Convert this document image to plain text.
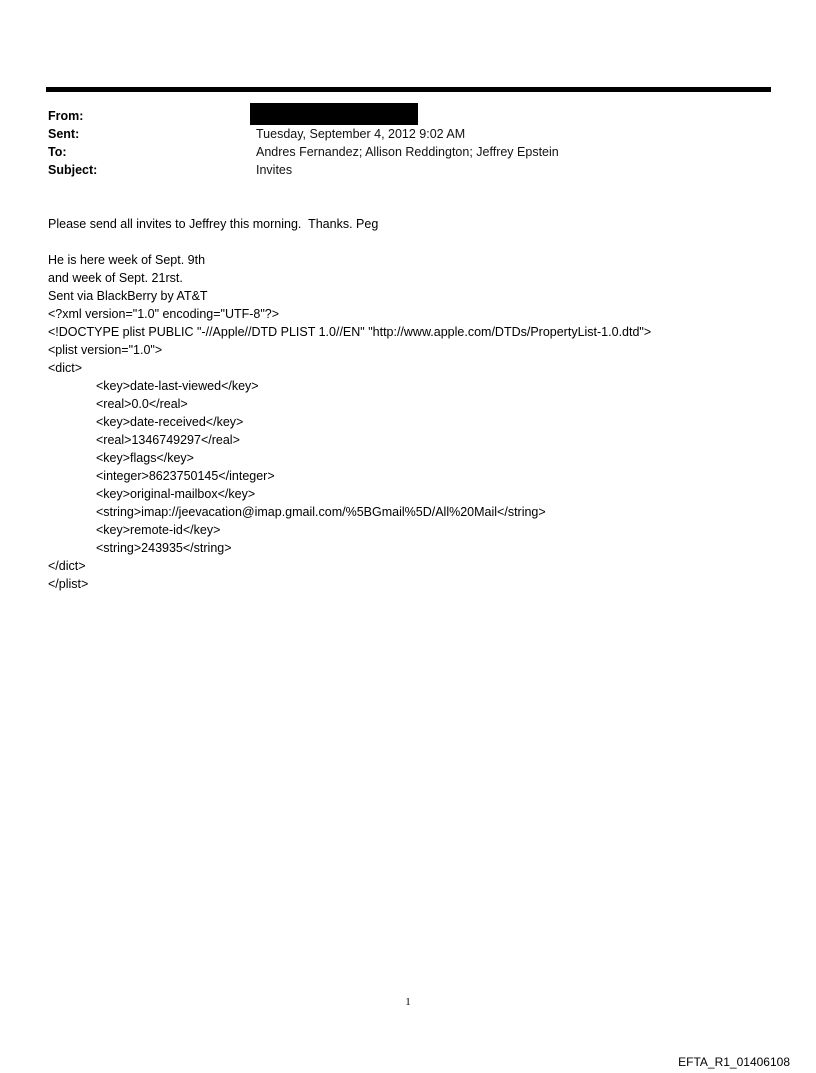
From:
Sent:	Tuesday, September 4, 2012 9:02 AM
To:	Andres Fernandez; Allison Reddington; Jeffrey Epstein
Subject:	Invites
Please send all invites to Jeffrey this morning.  Thanks. Peg
He is here week of Sept. 9th
and week of Sept. 21rst.
Sent via BlackBerry by AT&T
<?xml version="1.0" encoding="UTF-8"?>
<!DOCTYPE plist PUBLIC "-//Apple//DTD PLIST 1.0//EN" "http://www.apple.com/DTDs/PropertyList-1.0.dtd">
<plist version="1.0">
<dict>
<key>date-last-viewed</key>
<real>0.0</real>
<key>date-received</key>
<real>1346749297</real>
<key>flags</key>
<integer>8623750145</integer>
<key>original-mailbox</key>
<string>imap://jeevacation@imap.gmail.com/%5BGmail%5D/All%20Mail</string>
<key>remote-id</key>
<string>243935</string>
</dict>
</plist>
1
EFTA_R1_01406108
